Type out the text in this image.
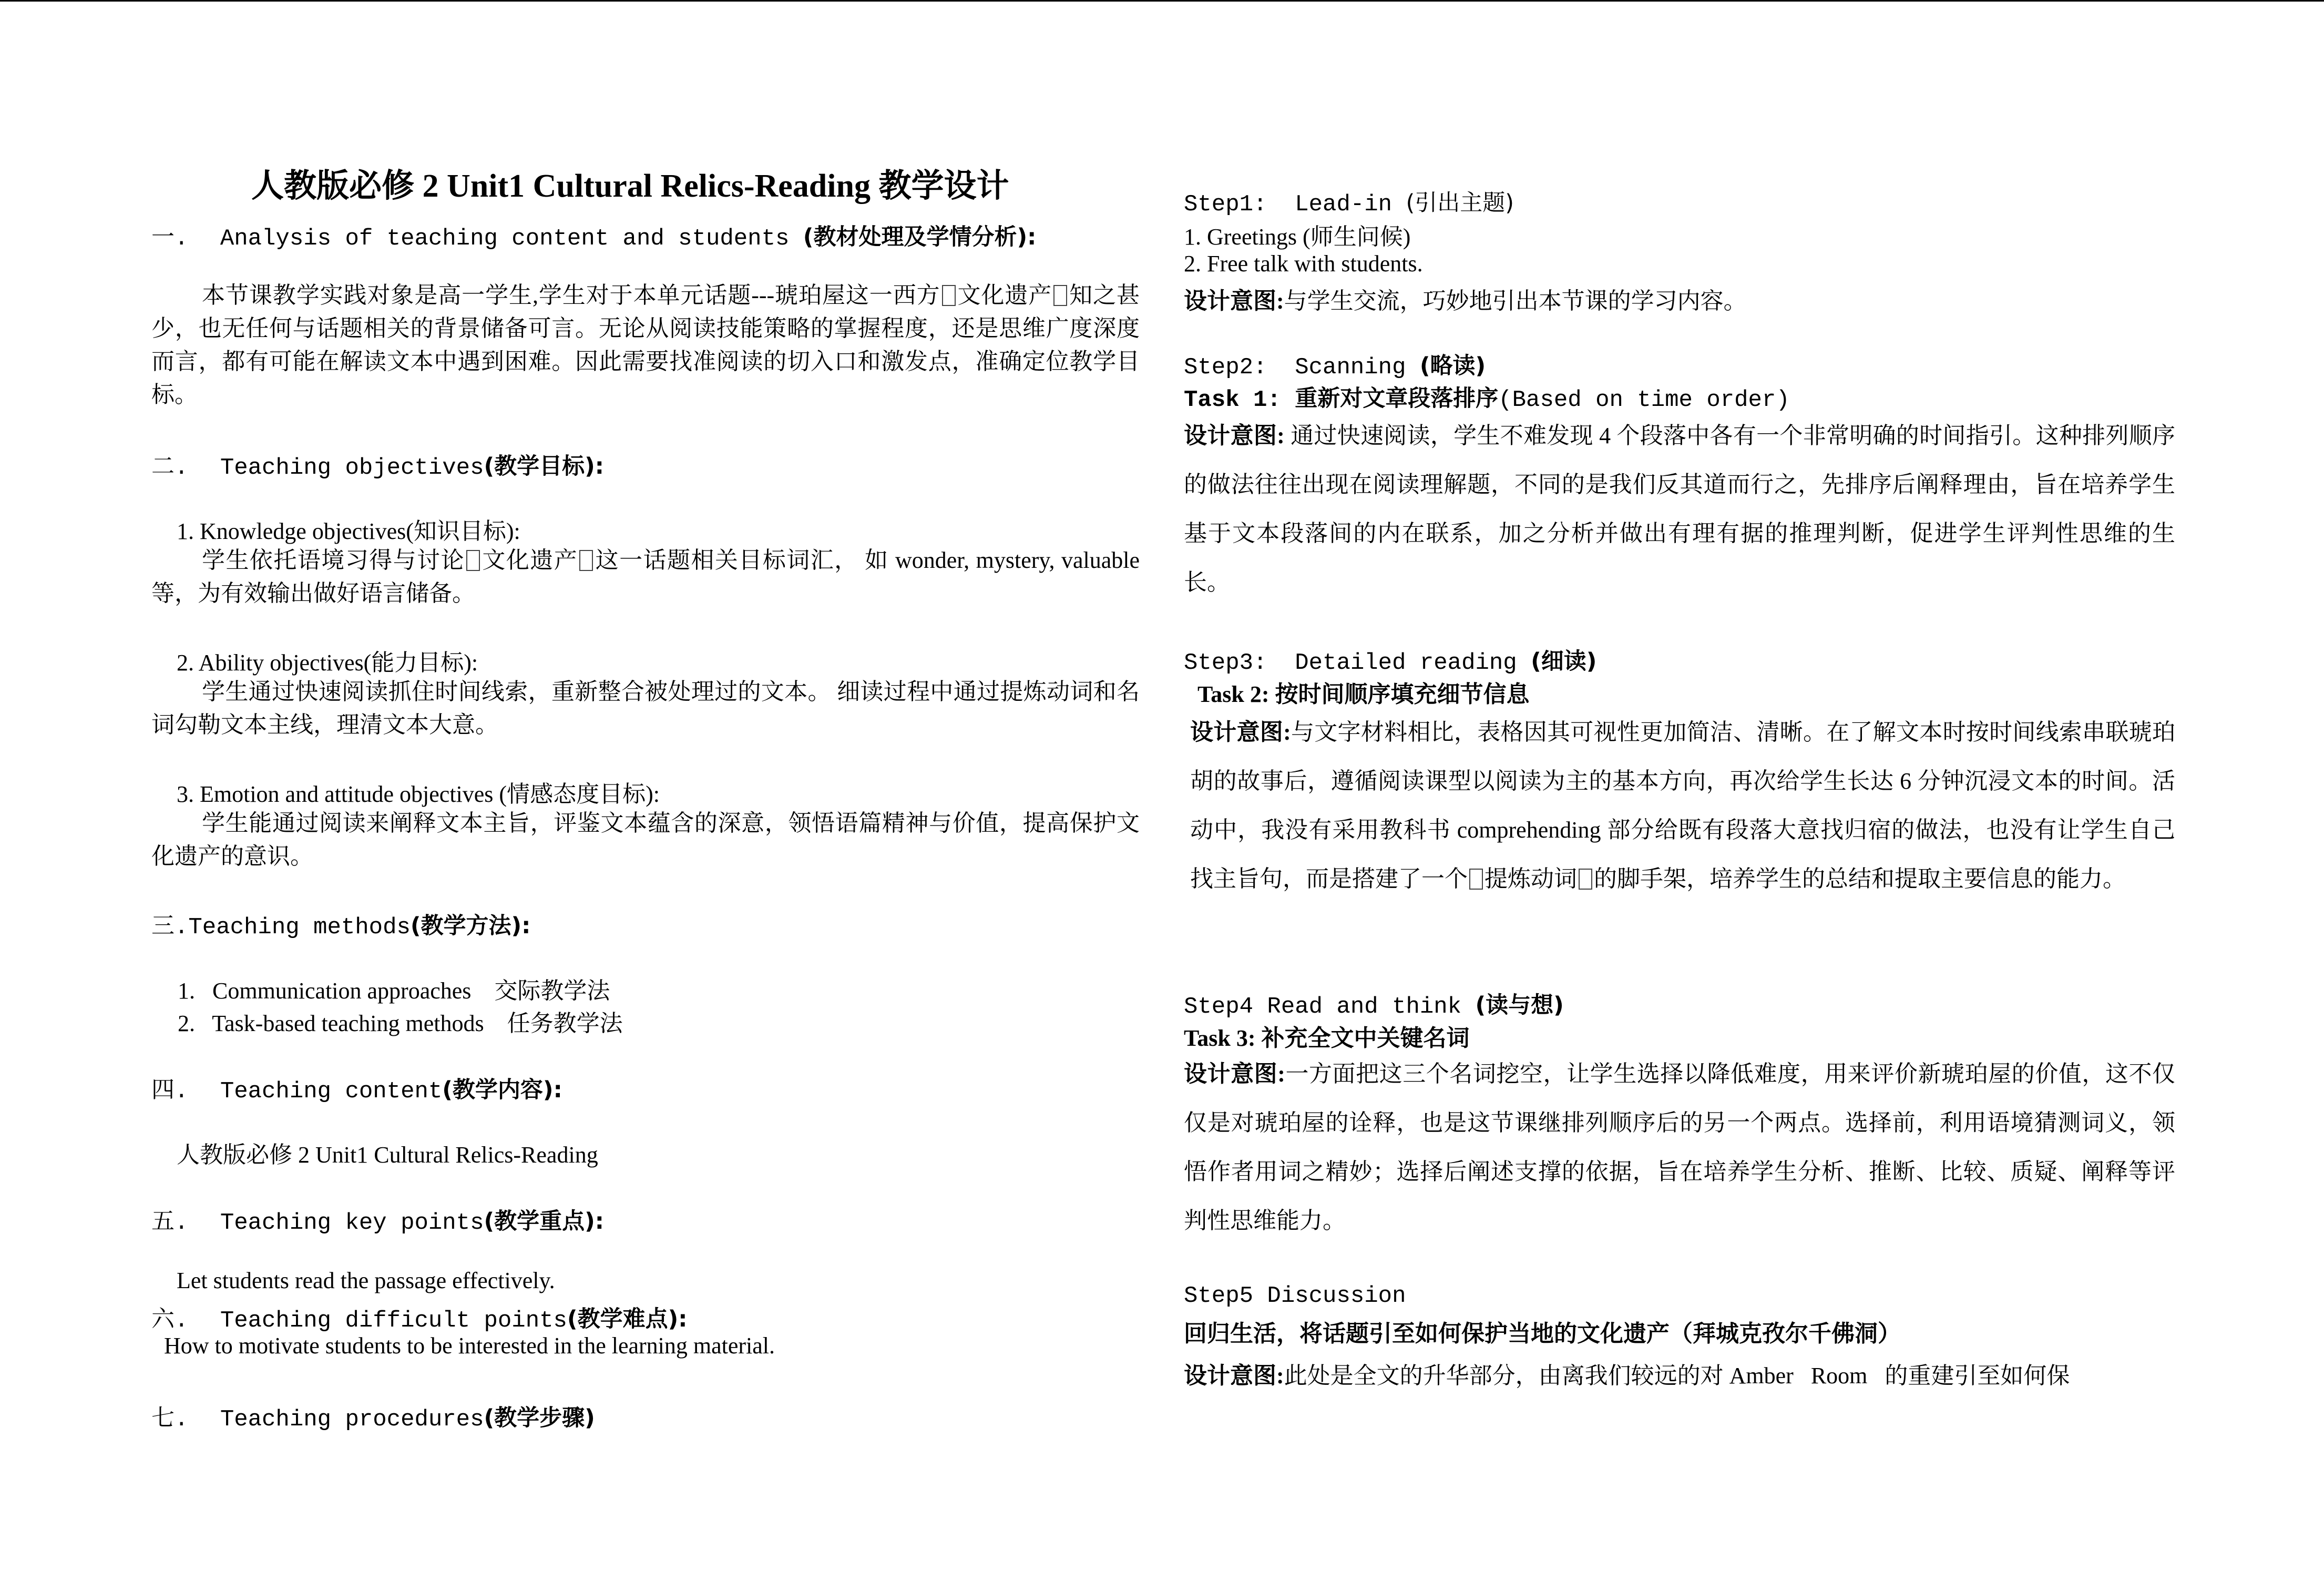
人教版必修 2 Unit1 Cultural Relics-Reading 教学设计
一. Analysis of teaching content and students (教材处理及学情分析):
本节课教学实践对象是高一学生,学生对于本单元话题---琥珀屋这一西方 文化遗产 知之甚少，也无任何与话题相关的背景储备可言。无论从阅读技能策略的掌握程度，还是思维广度深度而言，都有可能在解读文本中遇到困难。因此需要找准阅读的切入口和激发点，准确定位教学目标。
二. Teaching objectives(教学目标):
1. Knowledge objectives(知识目标):
学生依托语境习得与讨论 文化遗产 这一话题相关目标词汇， 如 wonder, mystery, valuable 等，为有效输出做好语言储备。
2. Ability objectives(能力目标):
学生通过快速阅读抓住时间线索，重新整合被处理过的文本。 细读过程中通过提炼动词和名词勾勒文本主线，理清文本大意。
3. Emotion and attitude objectives (情感态度目标):
学生能通过阅读来阐释文本主旨，评鉴文本蕴含的深意，领悟语篇精神与价值，提高保护文化遗产的意识。
三.Teaching methods(教学方法):
1.   Communication approaches    交际教学法
2.   Task-based teaching methods    任务教学法
四. Teaching content(教学内容):
人教版必修 2 Unit1 Cultural Relics-Reading
五. Teaching key points(教学重点):
Let students read the passage effectively.
六. Teaching difficult points(教学难点):
How to motivate students to be interested in the learning material.
七. Teaching procedures(教学步骤)
Step1:  Lead-in (引出主题)
1. Greetings (师生问候)
2. Free talk with students.
设计意图:与学生交流，巧妙地引出本节课的学习内容。
Step2:  Scanning (略读)
Task 1: 重新对文章段落排序(Based on time order)
设计意图: 通过快速阅读，学生不难发现 4 个段落中各有一个非常明确的时间指引。这种排列顺序的做法往往出现在阅读理解题，不同的是我们反其道而行之，先排序后阐释理由，旨在培养学生基于文本段落间的内在联系，加之分析并做出有理有据的推理判断，促进学生评判性思维的生长。
Step3:  Detailed reading (细读)
Task 2: 按时间顺序填充细节信息
设计意图:与文字材料相比，表格因其可视性更加简洁、清晰。在了解文本时按时间线索串联琥珀胡的故事后，遵循阅读课型以阅读为主的基本方向，再次给学生长达 6 分钟沉浸文本的时间。活动中，我没有采用教科书 comprehending 部分给既有段落大意找归宿的做法，也没有让学生自己找主旨句，而是搭建了一个 提炼动词 的脚手架，培养学生的总结和提取主要信息的能力。
Step4 Read and think (读与想)
Task 3: 补充全文中关键名词
设计意图:一方面把这三个名词挖空，让学生选择以降低难度，用来评价新琥珀屋的价值，这不仅仅是对琥珀屋的诠释，也是这节课继排列顺序后的另一个两点。选择前，利用语境猜测词义，领悟作者用词之精妙；选择后阐述支撑的依据，旨在培养学生分析、推断、比较、质疑、阐释等评判性思维能力。
Step5 Discussion
回归生活，将话题引至如何保护当地的文化遗产（拜城克孜尔千佛洞）
设计意图:此处是全文的升华部分，由离我们较远的对 Amber   Room   的重建引至如何保
